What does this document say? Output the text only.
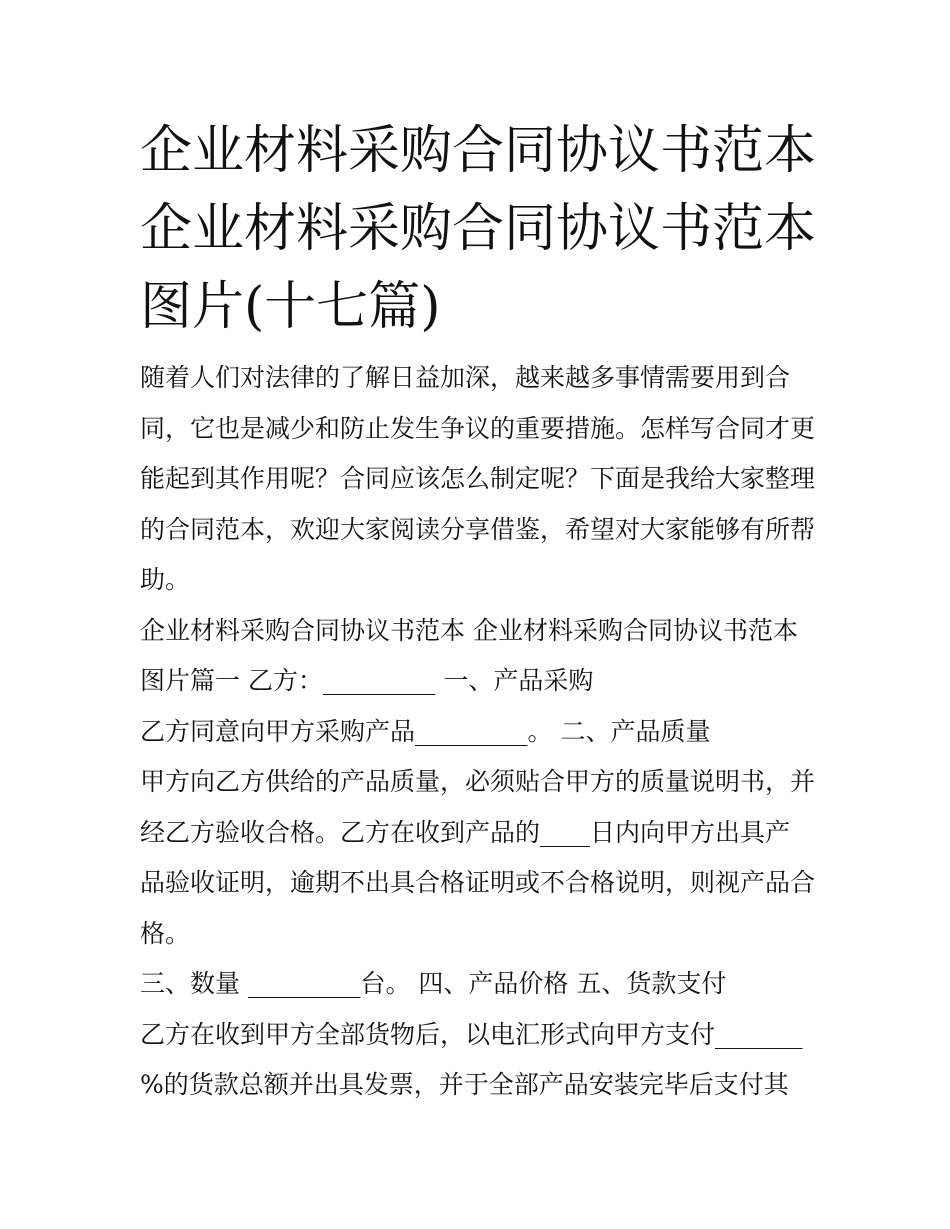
企业材料采购合同协议书范本
企业材料采购合同协议书范本
图片(十七篇)

随着人们对法律的了解日益加深，越来越多事情需要用到合
同，它也是减少和防止发生争议的重要措施。怎样写合同才更
能起到其作用呢？合同应该怎么制定呢？下面是我给大家整理
的合同范本，欢迎大家阅读分享借鉴，希望对大家能够有所帮
助。

企业材料采购合同协议书范本 企业材料采购合同协议书范本
图片篇一 乙方：_________ 一、产品采购

乙方同意向甲方采购产品_________。 二、产品质量

甲方向乙方供给的产品质量，必须贴合甲方的质量说明书，并
经乙方验收合格。乙方在收到产品的____日内向甲方出具产
品验收证明，逾期不出具合格证明或不合格说明，则视产品合
格。

三、数量 _________台。 四、产品价格 五、货款支付

乙方在收到甲方全部货物后，以电汇形式向甲方支付_______
%的货款总额并出具发票，并于全部产品安装完毕后支付其
